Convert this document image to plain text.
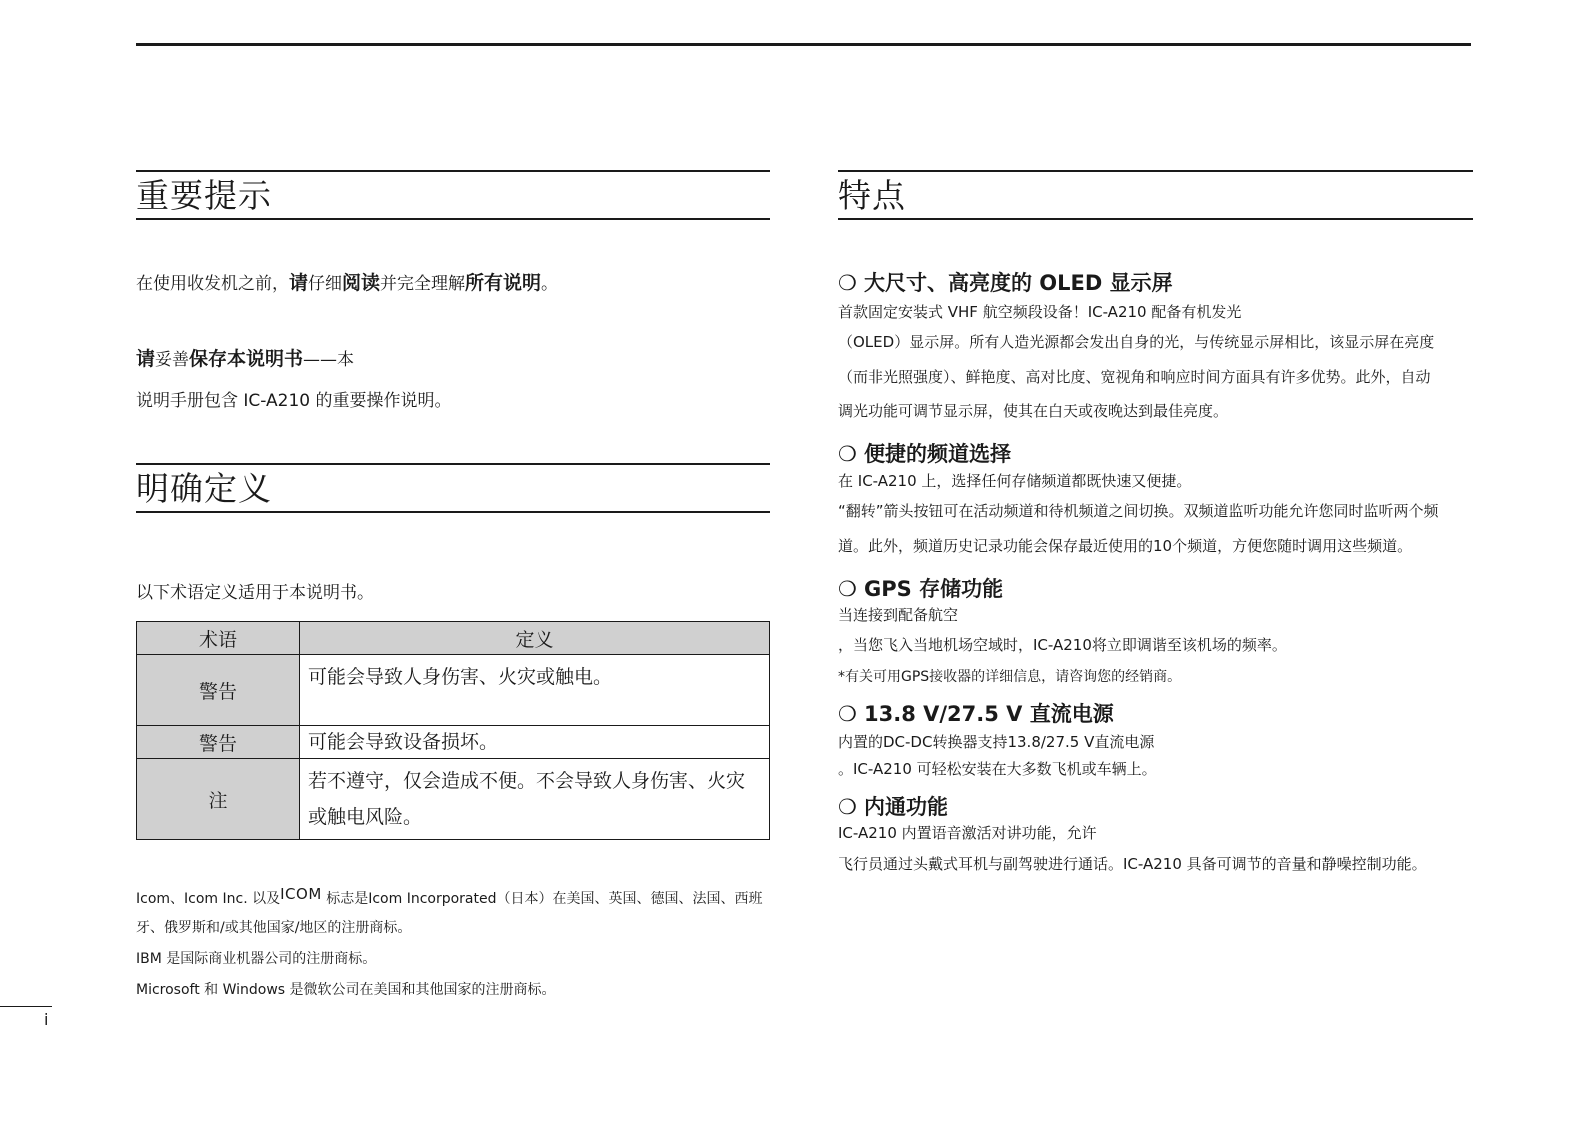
重要提示
在使用收发机之前，请仔细阅读并完全理解所有说明。
请妥善保存本说明书——本
说明手册包含 IC-A210 的重要操作说明。
明确定义
以下术语定义适用于本说明书。
术语	定义
警告	可能会导致人身伤害、火灾或触电。
警告	可能会导致设备损坏。
注	若不遵守，仅会造成不便。不会导致人身伤害、火灾或触电风险。
Icom、Icom Inc. 以及ICOM 标志是Icom Incorporated（日本）在美国、英国、德国、法国、西班
牙、俄罗斯和/或其他国家/地区的注册商标。
IBM 是国际商业机器公司的注册商标。
Microsoft 和 Windows 是微软公司在美国和其他国家的注册商标。
特点
❍ 大尺寸、高亮度的 OLED 显示屏
首款固定安装式 VHF 航空频段设备！IC-A210 配备有机发光
（OLED）显示屏。所有人造光源都会发出自身的光，与传统显示屏相比，该显示屏在亮度
（而非光照强度）、鲜艳度、高对比度、宽视角和响应时间方面具有许多优势。此外，自动
调光功能可调节显示屏，使其在白天或夜晚达到最佳亮度。
❍ 便捷的频道选择
在 IC-A210 上，选择任何存储频道都既快速又便捷。
“翻转”箭头按钮可在活动频道和待机频道之间切换。双频道监听功能允许您同时监听两个频
道。此外，频道历史记录功能会保存最近使用的10个频道，方便您随时调用这些频道。
❍ GPS 存储功能
当连接到配备航空
，当您飞入当地机场空域时，IC-A210将立即调谐至该机场的频率。
*有关可用GPS接收器的详细信息，请咨询您的经销商。
❍ 13.8 V/27.5 V 直流电源
内置的DC-DC转换器支持13.8/27.5 V直流电源
。IC-A210 可轻松安装在大多数飞机或车辆上。
❍ 内通功能
IC-A210 内置语音激活对讲功能，允许
飞行员通过头戴式耳机与副驾驶进行通话。IC-A210 具备可调节的音量和静噪控制功能。
i
